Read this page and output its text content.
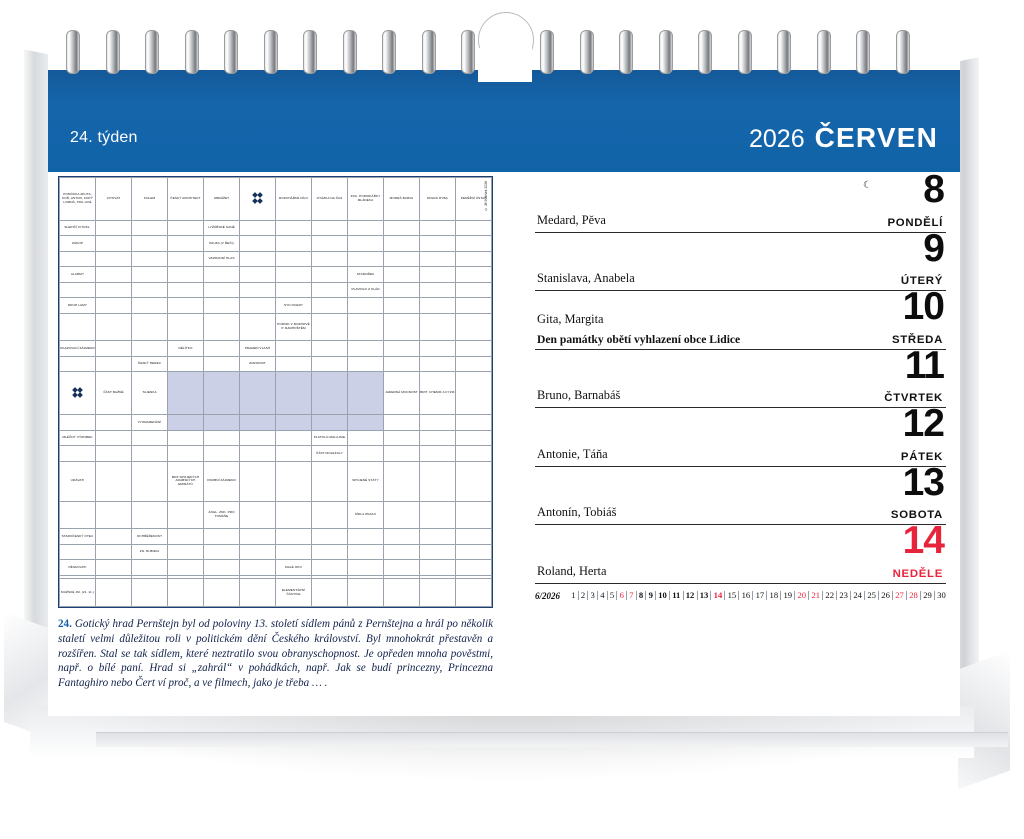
24. týden	2026 ČERVEN
POMŮCKA AKUTA, KOŇ, ASTON, KOPÝ LOMNÁ, TRIL LIKÉ	CITOVAT	KOLEM	ČESKÝ ARCHITEKT	OBRÁŽET		ROZCHÁŘKÉ DÍLO	OTÁZKA NA ČAS	INIC. PODNIKÁŘKY MLÁDEKA	MODRÁ BARVA	DRAVÁ RYBA	PENĚŽNÍ ÚSTAV
SLEPIČÍ CITOSL.				LYŽÁŘSKÉ SANĚ							
ZÁKOP				PAUZA (V ŘEČI)							
				VARHANNÍ HLAS							
ALARMY								STAROŘEK			
								PLAVIDLO Z KLÁD			
DRUH LAMY						SYN OCERY					
						PODNIK V ROZNOVĚ P. RADHOŠTĚM					
UKAZOVACÍ ZÁJMENO			DĚLÍTKO		PRAMEN VLASŮ						
		ČESKÝ HEREC			ZURODNIT						

	ČÁST BAŽNÉ	TAJENKA							JADERNÁ MOCNOST	BRIT. CHEMIK A FYZIK	
		VYZNAMENÁNÍ									
MLÉČNÝ VÝROBEK							PLATOLO MALAJSIE				
							ČÁST MOLEKULY				
UDÁVATI			MPZ SPOJENÝCH ARABSKÝCH EMIRÁTŮ	OSOBNÍ ZÁJMENO				SPOJENÉ STÁTY			
				ANGL. ZNK. PRO TOMÁŠE				SÍDLA ZNAKU			
STAROČESKÝ OTEC		OCHŘÉŘENOST									
		ZN. RUBIDIA									
PĚSKOVATI						MALÉ OKO					

MUŽSKÉ JM. (21. 11.)						ELEMENTÁRNÍ ČÁSTICE					
© Jiří Kalíšek 2026
24. Gotický hrad Pernštejn byl od poloviny 13. století sídlem pánů z Pernštejna a hrál po několik staletí velmi důležitou roli v politickém dění Českého království. Byl mnohokrát přestavěn a rozšířen. Stal se tak sídlem, které neztratilo svou obranyschopnost. Je opředen mnoha pověstmi, např. o bílé paní. Hrad si „zahrál“ v pohádkách, např. Jak se budí princezny, Princezna Fantaghiro nebo Čert ví proč, a ve filmech, jako je třeba … .
8
PONDĚLÍ
Medard, Pěva
☾
9
ÚTERÝ
Stanislava, Anabela
10
STŘEDA
Den památky obětí vyhlazení obce Lidice
Gita, Margita
11
ČTVRTEK
Bruno, Barnabáš
12
PÁTEK
Antonie, Táňa
13
SOBOTA
Antonín, Tobiáš
14
NEDĚLE
Roland, Herta
6/2026 1 2 3 4 5 6 7 8 9 10 11 12 13 14 15 16 17 18 19 20 21 22 23 24 25 26 27 28 29 30
